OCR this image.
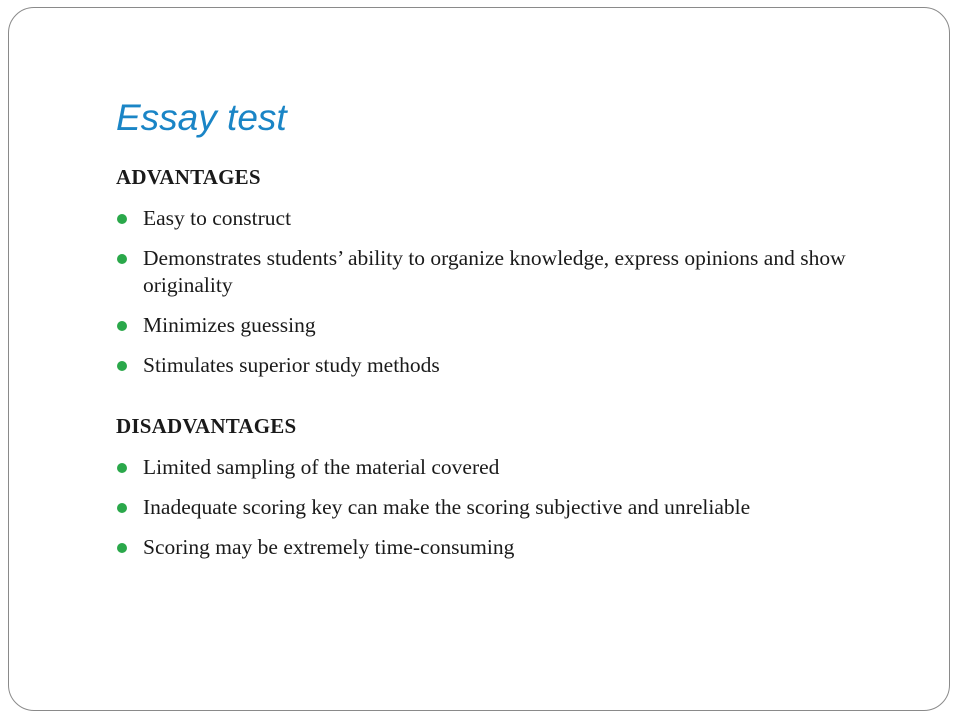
Essay test
ADVANTAGES
Easy to construct
Demonstrates students’ ability to organize knowledge, express opinions and show originality
Minimizes guessing
Stimulates superior study methods
DISADVANTAGES
Limited sampling of the material covered
Inadequate scoring key can make the scoring subjective and unreliable
Scoring may be extremely time-consuming
